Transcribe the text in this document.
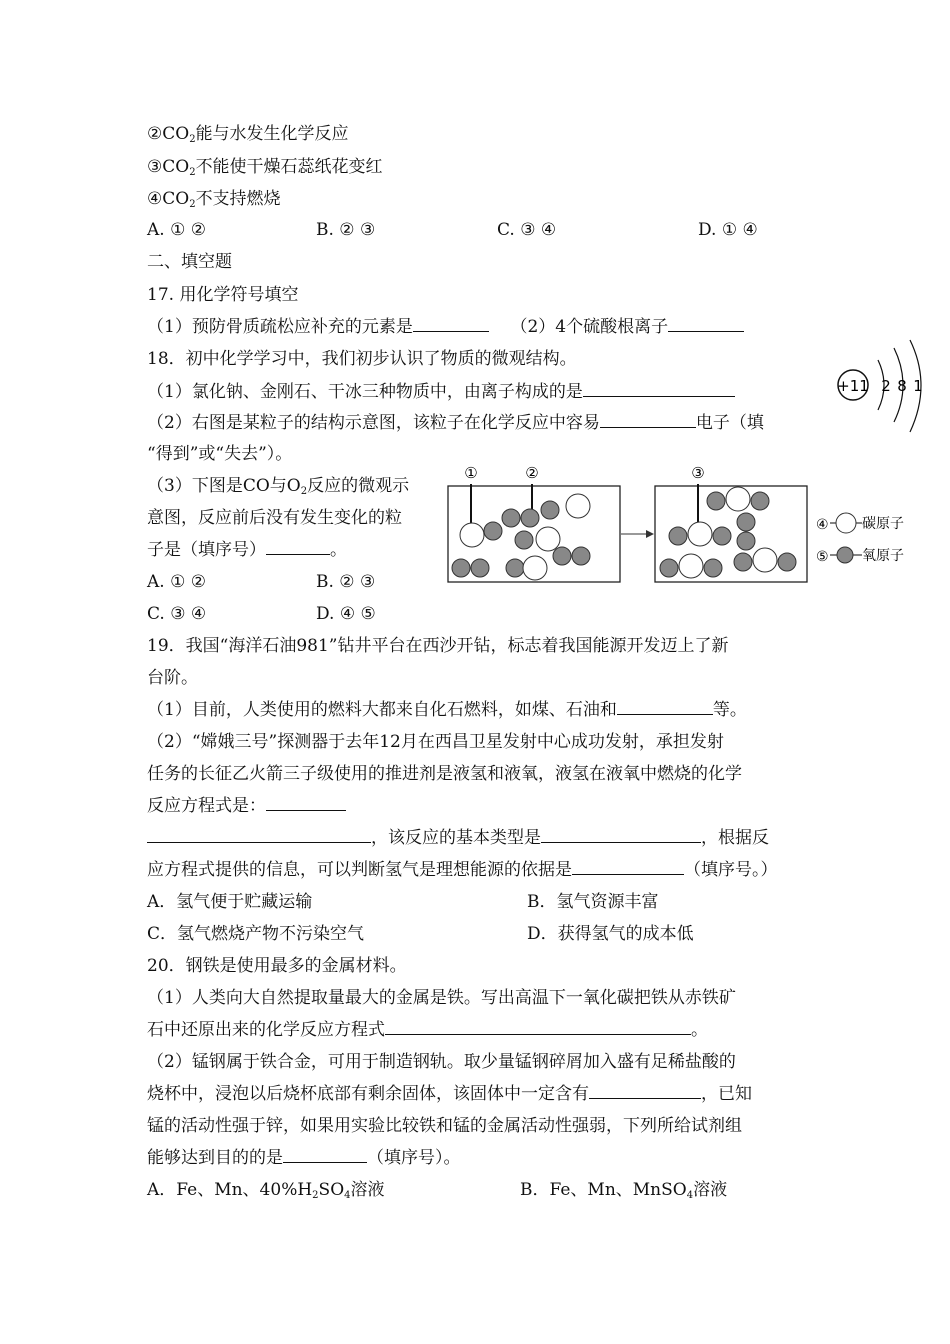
$②CO_2$能与水发生化学反应
$③CO_2$不能使干燥石蕊纸花变红
$④CO_2$不支持燃烧
A. ① ②	B. ② ③	C. ③ ④	D. ① ④
二、填空题
17. 用化学符号填空
（1）预防骨质疏松应补充的元素是	（2）4个硫酸根离子
18．初中化学学习中，我们初步认识了物质的微观结构。
（1）氯化钠、金刚石、干冰三种物质中，由离子构成的是
（2）右图是某粒子的结构示意图，该粒子在化学反应中容易	电子（填
“得到”或“失去”）。
+11 2 8 1
（3）下图是CO与$O_2$反应的微观示
意图，反应前后没有发生变化的粒
子是（填序号）	。
A. ① ②	B. ② ③
C. ③ ④	D. ④ ⑤
①	②	③
④ 碳原子
⑤ 氧原子
19．我国“海洋石油981”钻井平台在西沙开钻，标志着我国能源开发迈上了新
台阶。
（1）目前，人类使用的燃料大都来自化石燃料，如煤、石油和	等。
（2）“嫦娥三号”探测器于去年12月在西昌卫星发射中心成功发射，承担发射
任务的长征乙火箭三子级使用的推进剂是液氢和液氧，液氢在液氧中燃烧的化学
反应方程式是：
，该反应的基本类型是	，根据反
应方程式提供的信息，可以判断氢气是理想能源的依据是	（填序号。）
A．氢气便于贮藏运输	B．氢气资源丰富
C．氢气燃烧产物不污染空气	D．获得氢气的成本低
20．钢铁是使用最多的金属材料。
（1）人类向大自然提取量最大的金属是铁。写出高温下一氧化碳把铁从赤铁矿
石中还原出来的化学反应方程式	。
（2）锰钢属于铁合金，可用于制造钢轨。取少量锰钢碎屑加入盛有足稀盐酸的
烧杯中，浸泡以后烧杯底部有剩余固体，该固体中一定含有	，已知
锰的活动性强于锌，如果用实验比较铁和锰的金属活动性强弱，下列所给试剂组
能够达到目的的是	（填序号）。
A．Fe、Mn、$40\%H_2SO_4$溶液	B．Fe、Mn、MnSO$_4$溶液
